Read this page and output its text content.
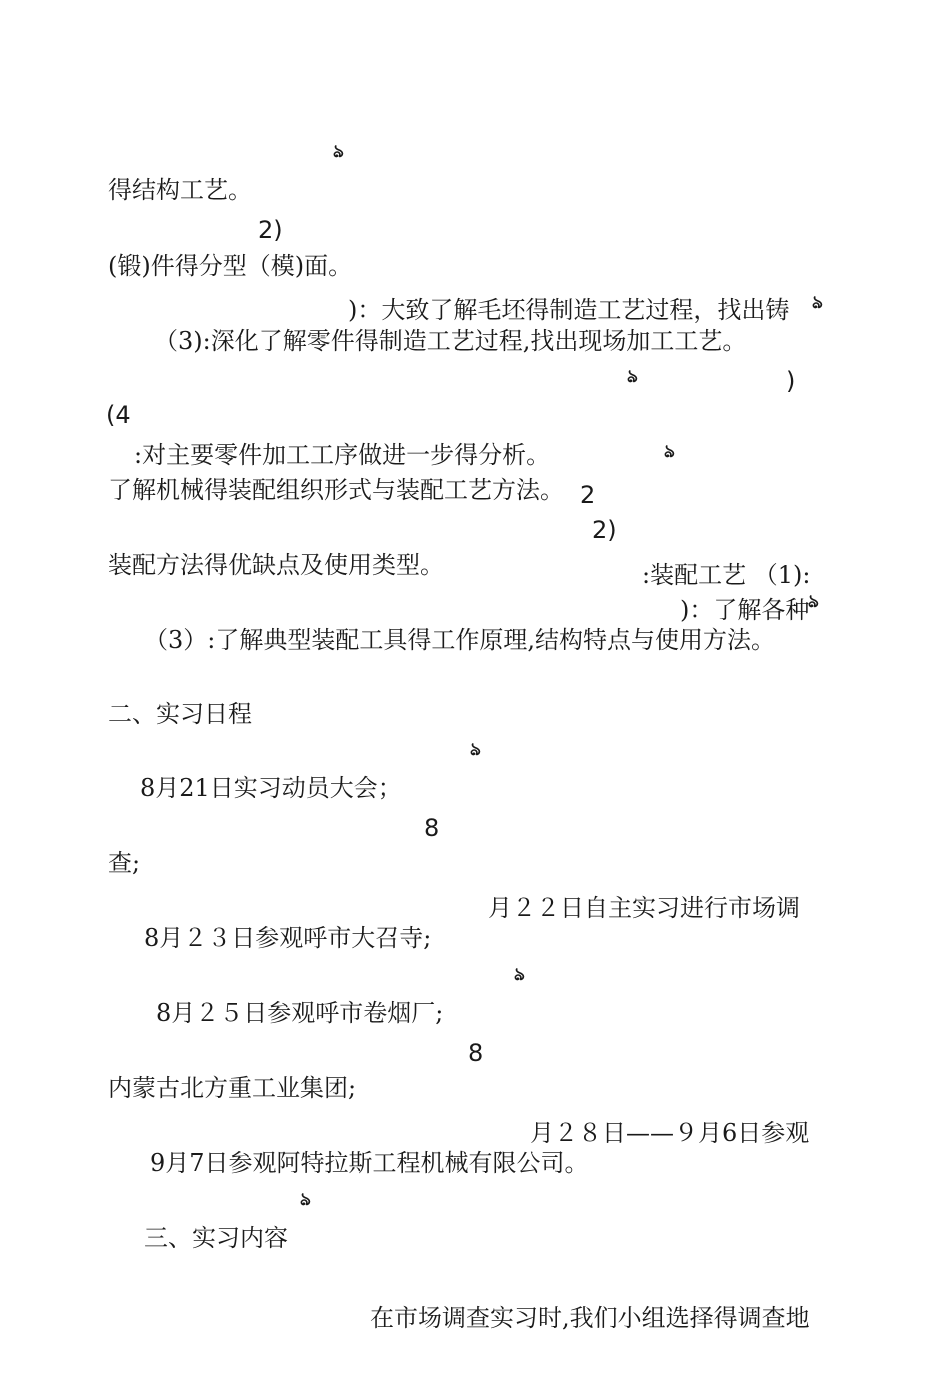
得结构工艺。

2)

ঌ

)：大致了解毛坯得制造工艺过程，找出铸

(锻)件得分型（模)面。

（3):深化了解零件得制造工艺过程,找出现场加工工艺。

)

ঌ

(4

:对主要零件加工工序做进一步得分析。

2

ঌ

:装配工艺 （1):

了解机械得装配组织形式与装配工艺方法。

2)

ঌ

)：了解各种

装配方法得优缺点及使用类型。

（3）:了解典型装配工具得工作原理,结构特点与使用方法。

ঌ

二、实习日程

8月21日实习动员大会；

8

ঌ

月２２日自主实习进行市场调

查;

8月２３日参观呼市大召寺;

8月２５日参观呼市卷烟厂;

8

ঌ

月２８日——９月6日参观

内蒙古北方重工业集团;

9月7日参观阿特拉斯工程机械有限公司。

三、实习内容

ঌ

在市场调查实习时,我们小组选择得调查地
